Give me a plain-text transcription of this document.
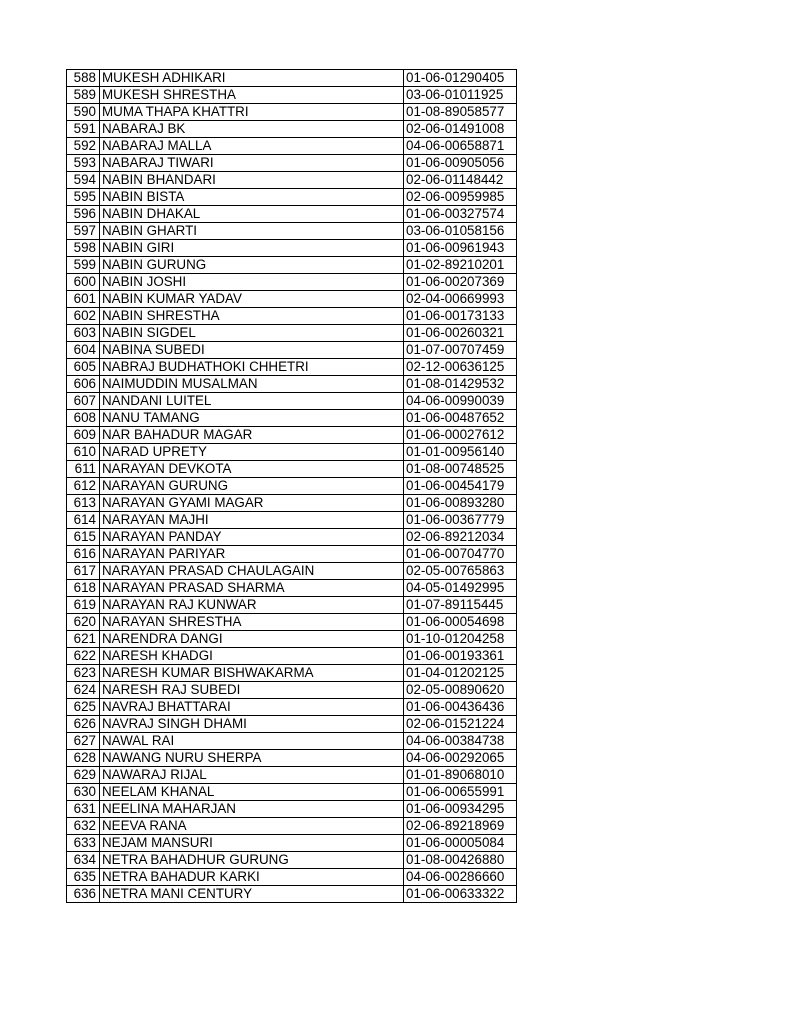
588	MUKESH ADHIKARI	01-06-01290405
589	MUKESH SHRESTHA	03-06-01011925
590	MUMA THAPA KHATTRI	01-08-89058577
591	NABARAJ BK	02-06-01491008
592	NABARAJ MALLA	04-06-00658871
593	NABARAJ TIWARI	01-06-00905056
594	NABIN BHANDARI	02-06-01148442
595	NABIN BISTA	02-06-00959985
596	NABIN DHAKAL	01-06-00327574
597	NABIN GHARTI	03-06-01058156
598	NABIN GIRI	01-06-00961943
599	NABIN GURUNG	01-02-89210201
600	NABIN JOSHI	01-06-00207369
601	NABIN KUMAR YADAV	02-04-00669993
602	NABIN SHRESTHA	01-06-00173133
603	NABIN SIGDEL	01-06-00260321
604	NABINA SUBEDI	01-07-00707459
605	NABRAJ BUDHATHOKI CHHETRI	02-12-00636125
606	NAIMUDDIN MUSALMAN	01-08-01429532
607	NANDANI LUITEL	04-06-00990039
608	NANU TAMANG	01-06-00487652
609	NAR BAHADUR MAGAR	01-06-00027612
610	NARAD UPRETY	01-01-00956140
611	NARAYAN DEVKOTA	01-08-00748525
612	NARAYAN GURUNG	01-06-00454179
613	NARAYAN GYAMI MAGAR	01-06-00893280
614	NARAYAN MAJHI	01-06-00367779
615	NARAYAN PANDAY	02-06-89212034
616	NARAYAN PARIYAR	01-06-00704770
617	NARAYAN PRASAD CHAULAGAIN	02-05-00765863
618	NARAYAN PRASAD SHARMA	04-05-01492995
619	NARAYAN RAJ KUNWAR	01-07-89115445
620	NARAYAN SHRESTHA	01-06-00054698
621	NARENDRA DANGI	01-10-01204258
622	NARESH KHADGI	01-06-00193361
623	NARESH KUMAR BISHWAKARMA	01-04-01202125
624	NARESH RAJ SUBEDI	02-05-00890620
625	NAVRAJ BHATTARAI	01-06-00436436
626	NAVRAJ SINGH DHAMI	02-06-01521224
627	NAWAL RAI	04-06-00384738
628	NAWANG NURU SHERPA	04-06-00292065
629	NAWARAJ RIJAL	01-01-89068010
630	NEELAM KHANAL	01-06-00655991
631	NEELINA MAHARJAN	01-06-00934295
632	NEEVA RANA	02-06-89218969
633	NEJAM MANSURI	01-06-00005084
634	NETRA BAHADHUR GURUNG	01-08-00426880
635	NETRA BAHADUR KARKI	04-06-00286660
636	NETRA MANI CENTURY	01-06-00633322
